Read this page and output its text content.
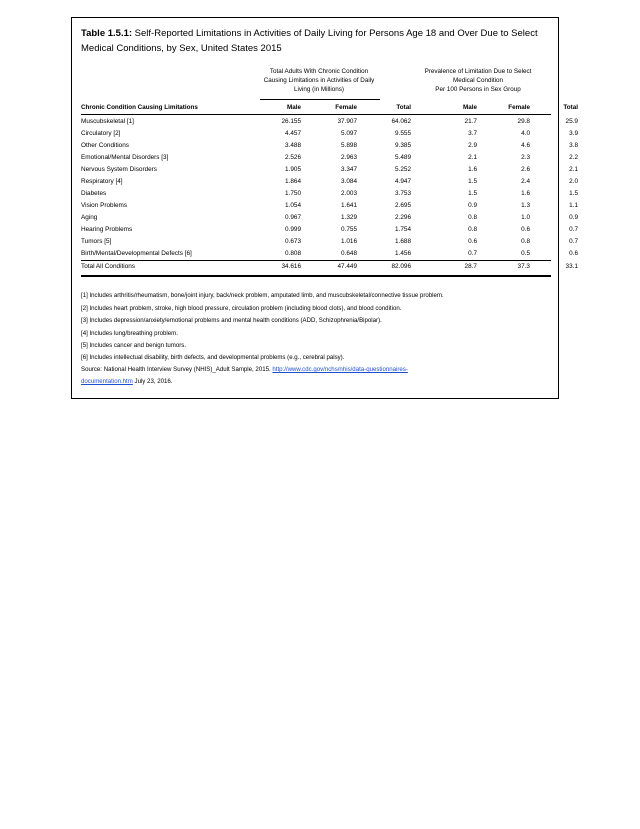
Table 1.5.1: Self-Reported Limitations in Activities of Daily Living for Persons Age 18 and Over Due to Select Medical Conditions, by Sex, United States 2015
Total Adults With Chronic Condition
Causing Limitations in Activities of Daily
Living (in Millions)
Prevalence of Limitation Due to Select
Medical Condition
Per 100 Persons in Sex Group
Chronic Condition Causing Limitations	Male	Female	Total	Male	Female	Total
Muscubskeletal [1]	26.155	37.907	64.062	21.7	29.8	25.9
Circulatory [2]	4.457	5.097	9.555	3.7	4.0	3.9
Other Conditions	3.488	5.898	9.385	2.9	4.6	3.8
Emotional/Mental Disorders [3]	2.526	2.963	5.489	2.1	2.3	2.2
Nervous System Disorders	1.905	3.347	5.252	1.6	2.6	2.1
Respiratory [4]	1.864	3.084	4.947	1.5	2.4	2.0
Diabetes	1.750	2.003	3.753	1.5	1.6	1.5
Vision Problems	1.054	1.641	2.695	0.9	1.3	1.1
Aging	0.967	1.329	2.296	0.8	1.0	0.9
Hearing Problems	0.999	0.755	1.754	0.8	0.6	0.7
Tumors [5]	0.673	1.016	1.688	0.6	0.8	0.7
Birth/Mental/Developmental Defects [6]	0.808	0.648	1.456	0.7	0.5	0.6
Total All Conditions	34.616	47.449	82.096	28.7	37.3	33.1
[1] Includes arthritis/rheumatism, bone/joint injury, back/neck problem, amputated limb, and muscubskeletal/connective tissue problem.
[2] Includes heart problem, stroke, high blood pressure, circulation problem (including blood clots), and blood condition.
[3] Includes depression/anxiety/emotional problems and mental health conditions (ADD, Schizophrenia/Bipolar).
[4] Includes lung/breathing problem.
[5] Includes cancer and benign tumors.
[6] Includes intellectual disability, birth defects, and developmental problems (e.g., cerebral palsy).
Source: National Health Interview Survey (NHIS)_Adult Sample, 2015. http://www.cdc.gov/nchs/nhis/data-questionnaires-
documentation.htm July 23, 2016.
